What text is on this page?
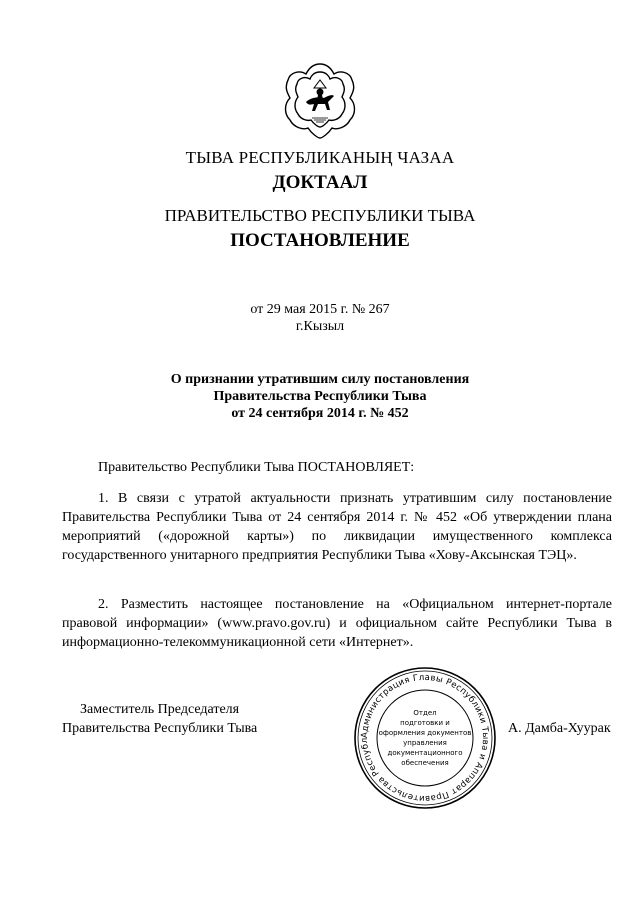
ТЫВА РЕСПУБЛИКАНЫҢ ЧАЗАА
ДОКТААЛ
ПРАВИТЕЛЬСТВО РЕСПУБЛИКИ ТЫВА
ПОСТАНОВЛЕНИЕ
от 29 мая 2015 г. № 267
г.Кызыл
О признании утратившим силу постановления
Правительства Республики Тыва
от 24 сентября 2014 г. № 452
Правительство Республики Тыва ПОСТАНОВЛЯЕТ:
1. В связи с утратой актуальности признать утратившим силу постановление Правительства Республики Тыва от 24 сентября 2014 г. № 452 «Об утверждении плана мероприятий («дорожной карты») по ликвидации имущественного комплекса государственного унитарного предприятия Республики Тыва «Хову-Аксынская ТЭЦ».
2. Разместить настоящее постановление на «Официальном интернет-портале правовой информации» (www.pravo.gov.ru) и официальном сайте Республики Тыва в информационно-телекоммуникационной сети «Интернет».
Заместитель Председателя
Правительства Республики Тыва	А. Дамба-Хуурак
Администрация Главы Республики Тыва и Аппарат Правительства Республ
Отдел
подготовки и
оформления документов
управления
документационного
обеспечения
